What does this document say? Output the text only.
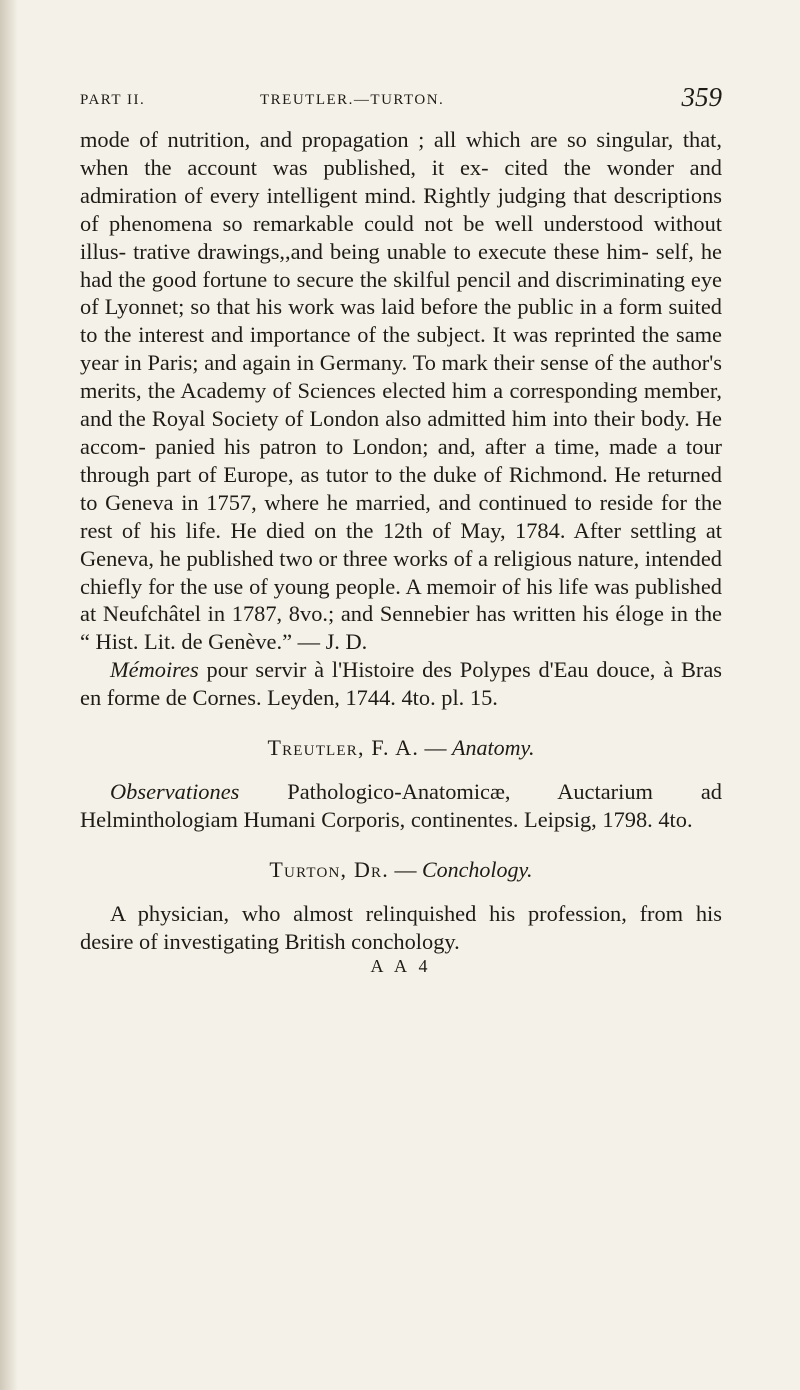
PART II.	TREUTLER.—TURTON.	359

mode of nutrition, and propagation ; all which are so singular, that, when the account was published, it ex- cited the wonder and admiration of every intelligent mind. Rightly judging that descriptions of phenomena so remarkable could not be well understood without illus- trative drawings,,and being unable to execute these him- self, he had the good fortune to secure the skilful pencil and discriminating eye of Lyonnet; so that his work was laid before the public in a form suited to the interest and importance of the subject. It was reprinted the same year in Paris; and again in Germany. To mark their sense of the author's merits, the Academy of Sciences elected him a corresponding member, and the Royal Society of London also admitted him into their body. He accom- panied his patron to London; and, after a time, made a tour through part of Europe, as tutor to the duke of Richmond. He returned to Geneva in 1757, where he married, and continued to reside for the rest of his life. He died on the 12th of May, 1784. After settling at Geneva, he published two or three works of a religious nature, intended chiefly for the use of young people. A memoir of his life was published at Neufchâtel in 1787, 8vo.; and Sennebier has written his éloge in the “ Hist. Lit. de Genève.” — J. D.

Mémoires pour servir à l'Histoire des Polypes d'Eau douce, à Bras en forme de Cornes. Leyden, 1744. 4to. pl. 15.

Treutler, F. A. — Anatomy.

Observationes Pathologico-Anatomicæ, Auctarium ad Helminthologiam Humani Corporis, continentes. Leipsig, 1798. 4to.

Turton, Dr. — Conchology.

A physician, who almost relinquished his profession, from his desire of investigating British conchology.

A A 4
